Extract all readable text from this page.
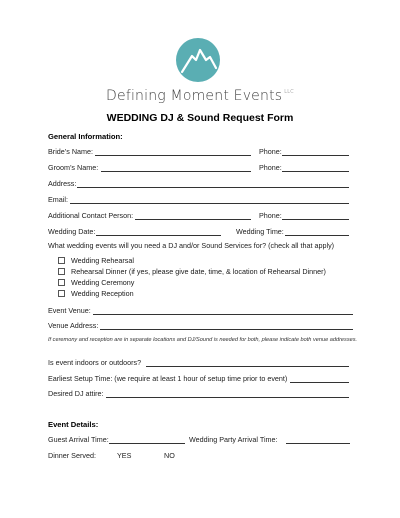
Defining Moment Events $^{LLC}$
WEDDING DJ & Sound Request Form
General Information:
Bride’s Name:	Phone:
Groom’s Name:	Phone:
Address:
Email:
Additional Contact Person:	Phone:
Wedding Date:	Wedding Time:
What wedding events will you need a DJ and/or Sound Services for? (check all that apply)
Wedding Rehearsal
Rehearsal Dinner (if yes, please give date, time, & location of Rehearsal Dinner)
Wedding Ceremony
Wedding Reception
Event Venue:
Venue Address:
If ceremony and reception are in separate locations and DJ/Sound is needed for both, please indicate both venue addresses.
Is event indoors or outdoors?
Earliest Setup Time: (we require at least 1 hour of setup time prior to event)
Desired DJ attire:
Event Details:
Guest Arrival Time:	Wedding Party Arrival Time:
Dinner Served:	YES	NO
